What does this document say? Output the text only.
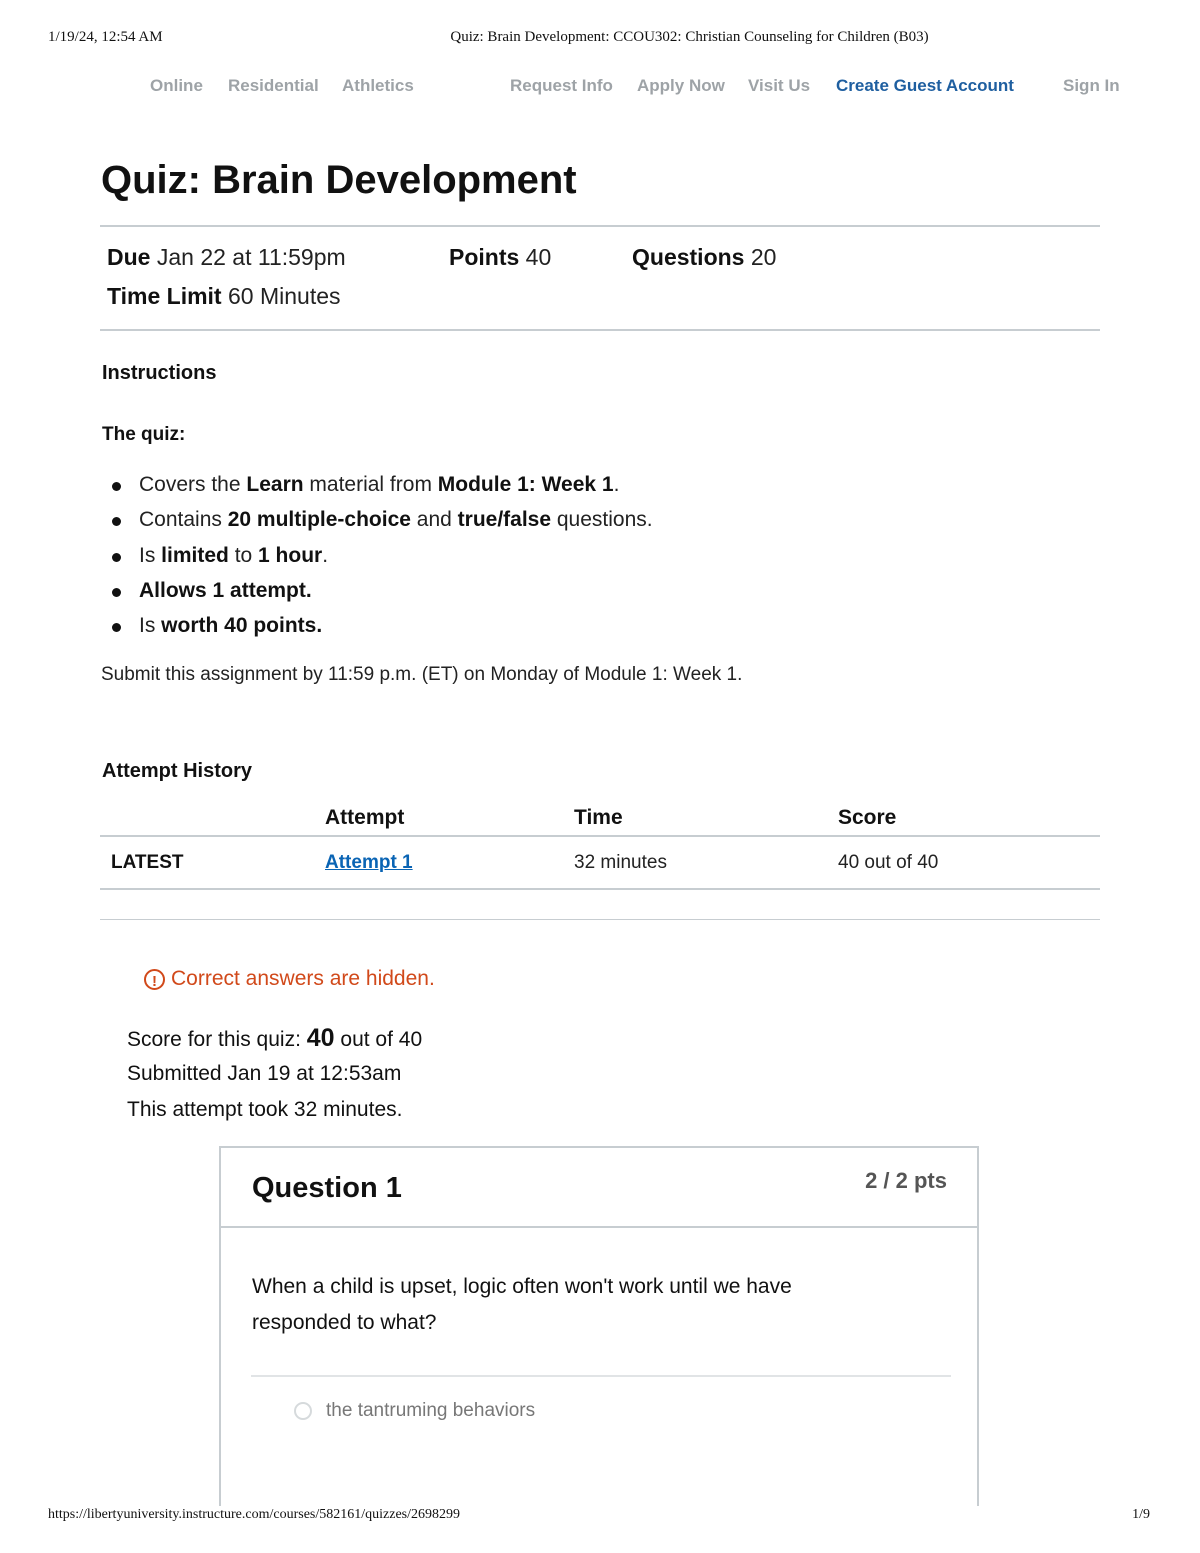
1/19/24, 12:54 AM	Quiz: Brain Development: CCOU302: Christian Counseling for Children (B03)
Online Residential Athletics	Request Info Apply Now Visit Us Create Guest Account	Sign In
Quiz: Brain Development
Due Jan 22 at 11:59pm	Points 40	Questions 20
Time Limit 60 Minutes
Instructions
The quiz:
Covers the Learn material from Module 1: Week 1.
Contains 20 multiple-choice and true/false questions.
Is limited to 1 hour.
Allows 1 attempt.
Is worth 40 points.
Submit this assignment by 11:59 p.m. (ET) on Monday of Module 1: Week 1.
Attempt History
	Attempt	Time	Score
LATEST	Attempt 1	32 minutes	40 out of 40
! Correct answers are hidden.
Score for this quiz: 40 out of 40
Submitted Jan 19 at 12:53am
This attempt took 32 minutes.
Question 1	2 / 2 pts
When a child is upset, logic often won't work until we have responded to what?
the tantruming behaviors
https://libertyuniversity.instructure.com/courses/582161/quizzes/2698299	1/9
